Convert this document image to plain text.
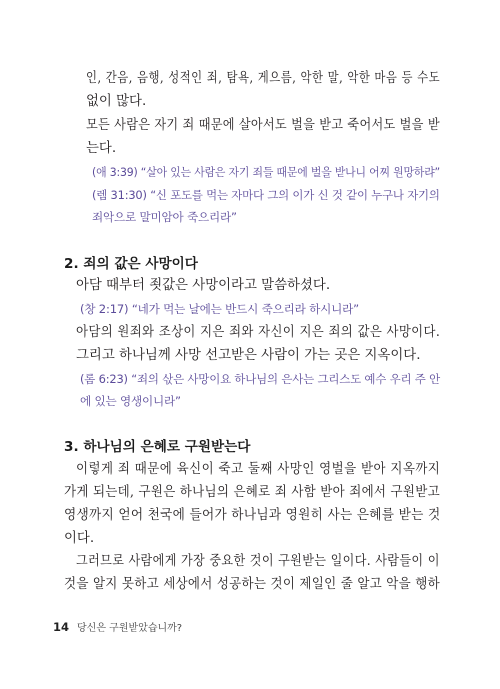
인, 간음, 음행, 성적인 죄, 탐욕, 게으름, 악한 말, 악한 마음 등 수도
없이 많다.
모든 사람은 자기 죄 때문에 살아서도 벌을 받고 죽어서도 벌을 받
는다.
(애 3:39) “살아 있는 사람은 자기 죄들 때문에 벌을 받나니 어찌 원망하랴”
(렘 31:30) “신 포도를 먹는 자마다 그의 이가 신 것 같이 누구나 자기의
죄악으로 말미암아 죽으리라”
2. 죄의 값은 사망이다
아담 때부터 죗값은 사망이라고 말씀하셨다.
(창 2:17) “네가 먹는 날에는 반드시 죽으리라 하시니라”
아담의 원죄와 조상이 지은 죄와 자신이 지은 죄의 값은 사망이다.
그리고 하나님께 사망 선고받은 사람이 가는 곳은 지옥이다.
(롬 6:23) “죄의 삯은 사망이요 하나님의 은사는 그리스도 예수 우리 주 안
에 있는 영생이니라”
3. 하나님의 은혜로 구원받는다
이렇게 죄 때문에 육신이 죽고 둘째 사망인 영벌을 받아 지옥까지
가게 되는데, 구원은 하나님의 은혜로 죄 사함 받아 죄에서 구원받고
영생까지 얻어 천국에 들어가 하나님과 영원히 사는 은혜를 받는 것
이다.
그러므로 사람에게 가장 중요한 것이 구원받는 일이다. 사람들이 이
것을 알지 못하고 세상에서 성공하는 것이 제일인 줄 알고 악을 행하
14 당신은 구원받았습니까?
